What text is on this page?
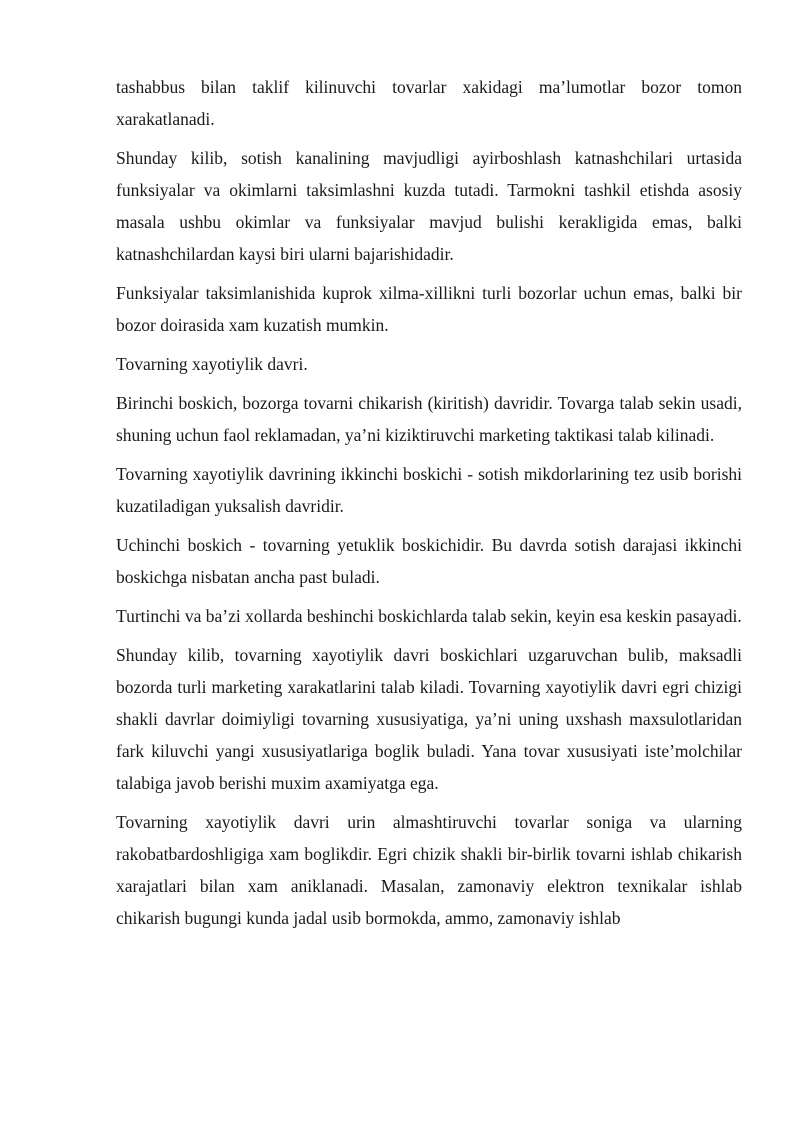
tashabbus bilan taklif kilinuvchi tovarlar xakidagi ma’lumotlar bozor tomon xarakatlanadi.

Shunday kilib, sotish kanalining mavjudligi ayirboshlash katnashchilari urtasida funksiyalar va okimlarni taksimlashni kuzda tutadi. Tarmokni tashkil etishda asosiy masala ushbu okimlar va funksiyalar mavjud bulishi kerakligida emas, balki katnashchilardan kaysi biri ularni bajarishidadir.

Funksiyalar taksimlanishida kuprok xilma-xillikni turli bozorlar uchun emas, balki bir bozor doirasida xam kuzatish mumkin.

Tovarning xayotiylik davri.

Birinchi boskich, bozorga tovarni chikarish (kiritish) davridir. Tovarga talab sekin usadi, shuning uchun faol reklamadan, ya’ni kiziktiruvchi marketing taktikasi talab kilinadi.

Tovarning xayotiylik davrining ikkinchi boskichi - sotish mikdorlarining tez usib borishi kuzatiladigan yuksalish davridir.

Uchinchi boskich - tovarning yetuklik boskichidir. Bu davrda sotish darajasi ikkinchi boskichga nisbatan ancha past buladi.

Turtinchi va ba’zi xollarda beshinchi boskichlarda talab sekin, keyin esa keskin pasayadi.

Shunday kilib, tovarning xayotiylik davri boskichlari uzgaruvchan bulib, maksadli bozorda turli marketing xarakatlarini talab kiladi. Tovarning xayotiylik davri egri chizigi shakli davrlar doimiyligi tovarning xususiyatiga, ya’ni uning uxshash maxsulotlaridan fark kiluvchi yangi xususiyatlariga boglik buladi. Yana tovar xususiyati iste’molchilar talabiga javob berishi muxim axamiyatga ega.

Tovarning xayotiylik davri urin almashtiruvchi tovarlar soniga va ularning rakobatbardoshligiga xam boglikdir. Egri chizik shakli bir-birlik tovarni ishlab chikarish xarajatlari bilan xam aniklanadi. Masalan, zamonaviy elektron texnikalar ishlab chikarish bugungi kunda jadal usib bormokda, ammo, zamonaviy ishlab
